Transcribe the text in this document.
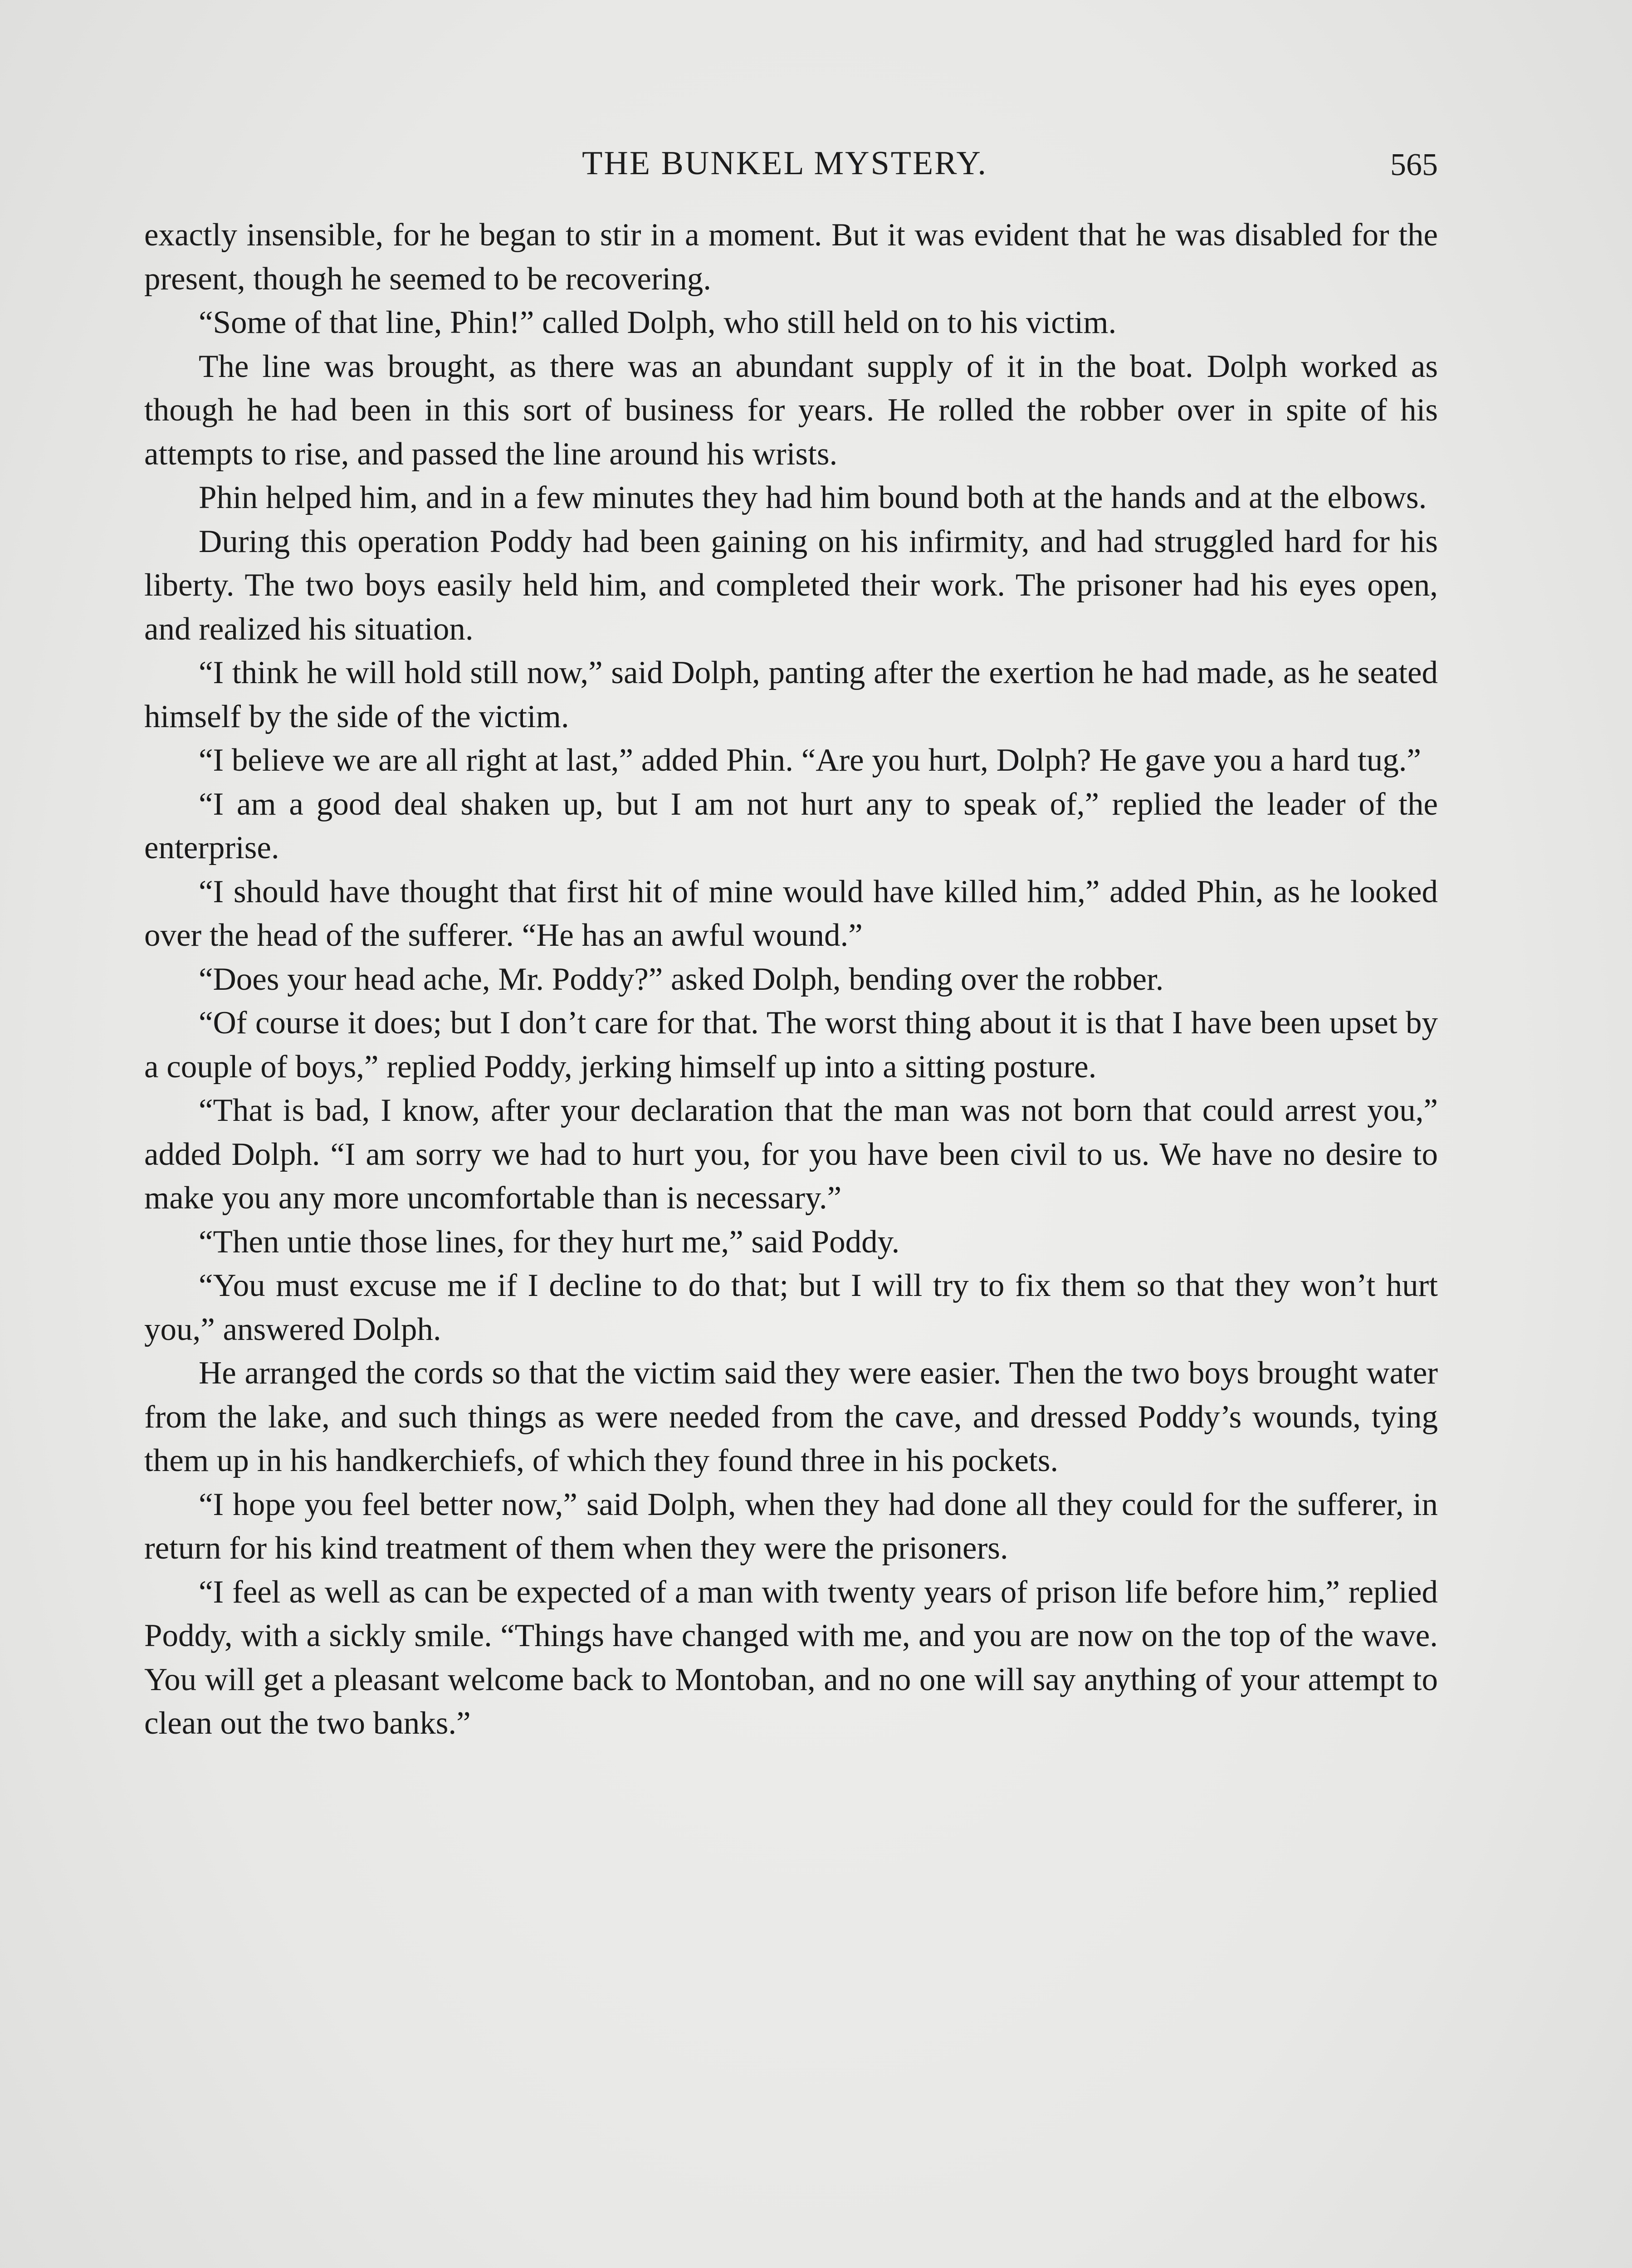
THE BUNKEL MYSTERY.	565

exactly insensible, for he began to stir in a moment. But it was evident that he was disabled for the present, though he seemed to be recovering.

“Some of that line, Phin!” called Dolph, who still held on to his victim.

The line was brought, as there was an abundant supply of it in the boat. Dolph worked as though he had been in this sort of business for years. He rolled the robber over in spite of his attempts to rise, and passed the line around his wrists.

Phin helped him, and in a few minutes they had him bound both at the hands and at the elbows.

During this operation Poddy had been gaining on his infirmity, and had struggled hard for his liberty. The two boys easily held him, and completed their work. The prisoner had his eyes open, and realized his situation.

“I think he will hold still now,” said Dolph, panting after the exertion he had made, as he seated himself by the side of the victim.

“I believe we are all right at last,” added Phin. “Are you hurt, Dolph? He gave you a hard tug.”

“I am a good deal shaken up, but I am not hurt any to speak of,” replied the leader of the enterprise.

“I should have thought that first hit of mine would have killed him,” added Phin, as he looked over the head of the sufferer. “He has an awful wound.”

“Does your head ache, Mr. Poddy?” asked Dolph, bending over the robber.

“Of course it does; but I don’t care for that. The worst thing about it is that I have been upset by a couple of boys,” replied Poddy, jerking himself up into a sitting posture.

“That is bad, I know, after your declaration that the man was not born that could arrest you,” added Dolph. “I am sorry we had to hurt you, for you have been civil to us. We have no desire to make you any more uncomfortable than is necessary.”

“Then untie those lines, for they hurt me,” said Poddy.

“You must excuse me if I decline to do that; but I will try to fix them so that they won’t hurt you,” answered Dolph.

He arranged the cords so that the victim said they were easier. Then the two boys brought water from the lake, and such things as were needed from the cave, and dressed Poddy’s wounds, tying them up in his handkerchiefs, of which they found three in his pockets.

“I hope you feel better now,” said Dolph, when they had done all they could for the sufferer, in return for his kind treatment of them when they were the prisoners.

“I feel as well as can be expected of a man with twenty years of prison life before him,” replied Poddy, with a sickly smile. “Things have changed with me, and you are now on the top of the wave. You will get a pleasant welcome back to Montoban, and no one will say anything of your attempt to clean out the two banks.”
